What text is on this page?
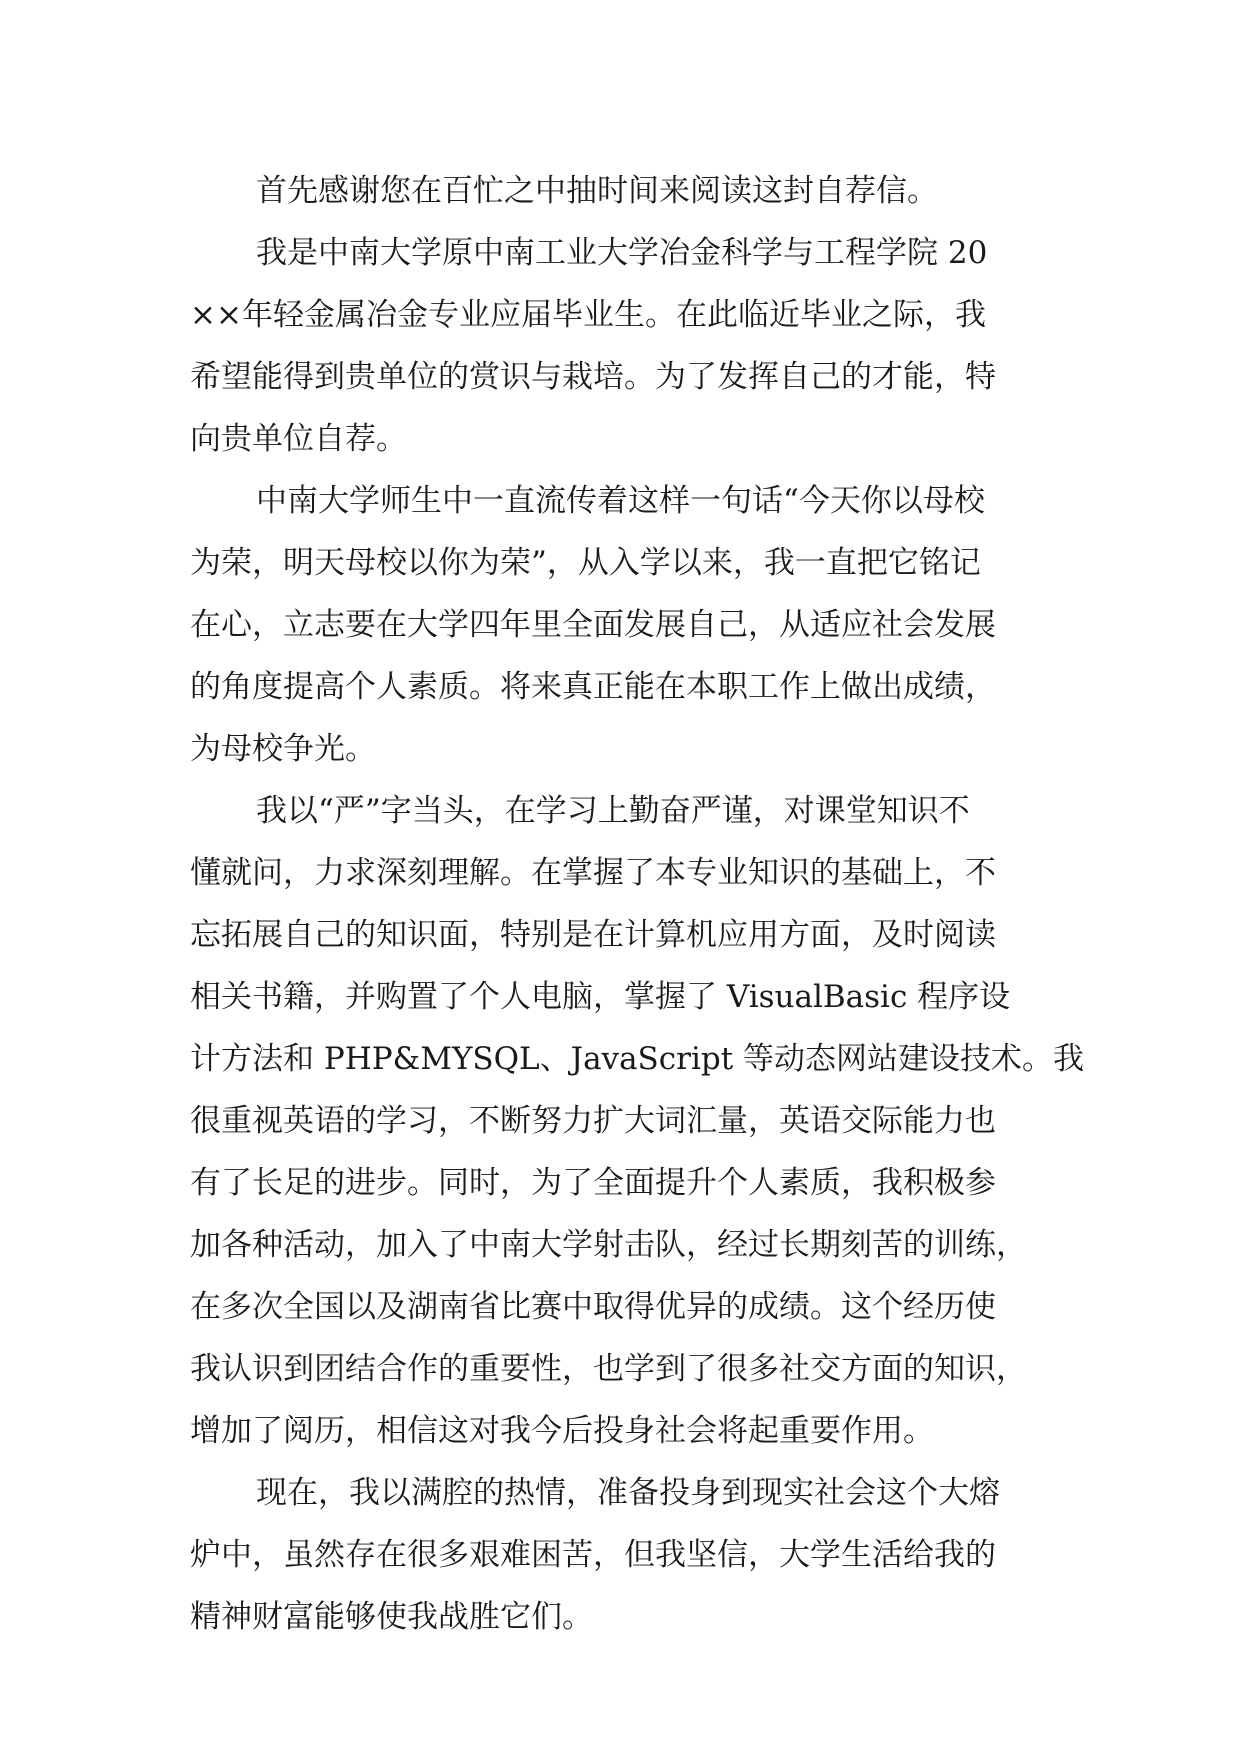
首先感谢您在百忙之中抽时间来阅读这封自荐信。
我是中南大学原中南工业大学冶金科学与工程学院 20
××年轻金属冶金专业应届毕业生。在此临近毕业之际，我
希望能得到贵单位的赏识与栽培。为了发挥自己的才能，特
向贵单位自荐。
中南大学师生中一直流传着这样一句话“今天你以母校
为荣，明天母校以你为荣”，从入学以来，我一直把它铭记
在心，立志要在大学四年里全面发展自己，从适应社会发展
的角度提高个人素质。将来真正能在本职工作上做出成绩，
为母校争光。
我以“严”字当头，在学习上勤奋严谨，对课堂知识不
懂就问，力求深刻理解。在掌握了本专业知识的基础上，不
忘拓展自己的知识面，特别是在计算机应用方面，及时阅读
相关书籍，并购置了个人电脑，掌握了 VisualBasic 程序设
计方法和 PHP&MYSQL、JavaScript 等动态网站建设技术。我
很重视英语的学习，不断努力扩大词汇量，英语交际能力也
有了长足的进步。同时，为了全面提升个人素质，我积极参
加各种活动，加入了中南大学射击队，经过长期刻苦的训练，
在多次全国以及湖南省比赛中取得优异的成绩。这个经历使
我认识到团结合作的重要性，也学到了很多社交方面的知识，
增加了阅历，相信这对我今后投身社会将起重要作用。
现在，我以满腔的热情，准备投身到现实社会这个大熔
炉中，虽然存在很多艰难困苦，但我坚信，大学生活给我的
精神财富能够使我战胜它们。
